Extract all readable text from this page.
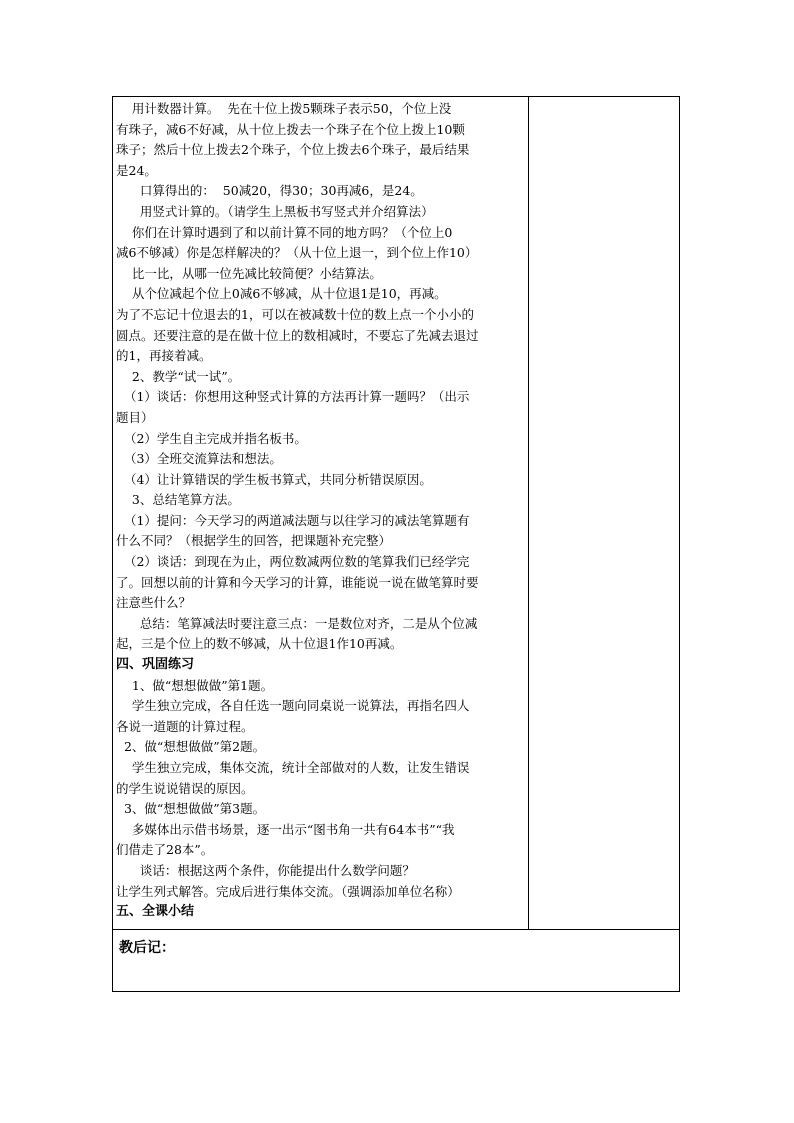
用计数器计算。  先在十位上拨5颗珠子表示50，个位上没

有珠子，减6不好减，从十位上拨去一个珠子在个位上拨上10颗

珠子；然后十位上拨去2个珠子，个位上拨去6个珠子，最后结果

是24。

口算得出的：  50减20，得30；30再减6，是24。

用竖式计算的。（请学生上黑板书写竖式并介绍算法）

你们在计算时遇到了和以前计算不同的地方吗？（个位上0

减6不够减）你是怎样解决的？（从十位上退一，到个位上作10）

比一比，从哪一位先减比较简便？小结算法。

从个位减起个位上0减6不够减，从十位退1是10，再减。

为了不忘记十位退去的1，可以在被减数十位的数上点一个小小的

圆点。还要注意的是在做十位上的数相减时，不要忘了先减去退过

的1，再接着减。

2、教学“试一试”。

（1）谈话：你想用这种竖式计算的方法再计算一题吗？（出示

题目）

（2）学生自主完成并指名板书。

（3）全班交流算法和想法。

（4）让计算错误的学生板书算式，共同分析错误原因。

3、总结笔算方法。

（1）提问：今天学习的两道减法题与以往学习的减法笔算题有

什么不同？（根据学生的回答，把课题补充完整）

（2）谈话：到现在为止，两位数减两位数的笔算我们已经学完

了。回想以前的计算和今天学习的计算，谁能说一说在做笔算时要

注意些什么？

总结：笔算减法时要注意三点：一是数位对齐，二是从个位减

起，三是个位上的数不够减，从十位退1作10再减。

四、巩固练习

1、做“想想做做”第1题。

学生独立完成，各自任选一题向同桌说一说算法，再指名四人

各说一道题的计算过程。

2、做“想想做做”第2题。

学生独立完成，集体交流，统计全部做对的人数，让发生错误

的学生说说错误的原因。

3、做“想想做做”第3题。

多媒体出示借书场景，逐一出示“图书角一共有64本书”“我

们借走了28本”。

谈话：根据这两个条件，你能提出什么数学问题？

让学生列式解答。完成后进行集体交流。（强调添加单位名称）

五、全课小结

教后记：
